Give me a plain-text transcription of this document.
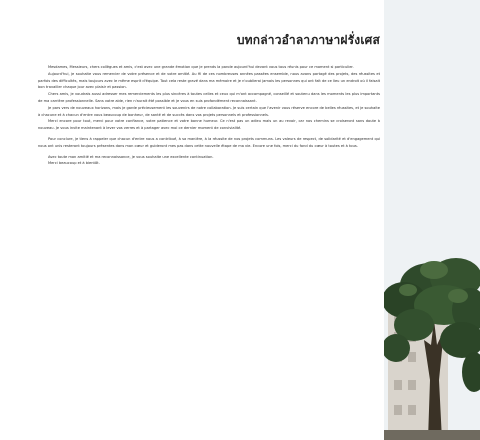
บทกล่าวอำลาภาษาฝรั่งเศส

Mesdames, Messieurs, chers collègues et amis, c'est avec une grande émotion que je prends la parole aujourd'hui devant vous tous réunis pour ce moment si particulier.

Aujourd'hui, je souhaite vous remercier de votre présence et de votre amitié. Au fil de ces nombreuses années passées ensemble, nous avons partagé des projets, des réussites et parfois des difficultés, mais toujours avec le même esprit d'équipe. Tout cela reste gravé dans ma mémoire et je n'oublierai jamais les personnes qui ont fait de ce lieu un endroit où il faisait bon travailler chaque jour avec plaisir et passion.

Chers amis, je voudrais aussi adresser mes remerciements les plus sincères à toutes celles et ceux qui m'ont accompagné, conseillé et soutenu dans les moments les plus importants de ma carrière professionnelle. Sans votre aide, rien n'aurait été possible et je vous en suis profondément reconnaissant.

Je pars vers de nouveaux horizons, mais je garde précieusement les souvenirs de notre collaboration. Je suis certain que l'avenir vous réserve encore de belles réussites, et je souhaite à chacune et à chacun d'entre vous beaucoup de bonheur, de santé et de succès dans vos projets personnels et professionnels.

Merci encore pour tout, merci pour votre confiance, votre patience et votre bonne humeur. Ce n'est pas un adieu mais un au revoir, car nos chemins se croiseront sans doute à nouveau. Je vous invite maintenant à lever vos verres et à partager avec moi ce dernier moment de convivialité.

Pour conclure, je tiens à rappeler que chacun d'entre nous a contribué, à sa manière, à la réussite de nos projets communs. Les valeurs de respect, de solidarité et d'engagement qui nous ont unis resteront toujours présentes dans mon cœur et guideront mes pas dans cette nouvelle étape de ma vie. Encore une fois, merci du fond du cœur à toutes et à tous.

Avec toute mon amitié et ma reconnaissance, je vous souhaite une excellente continuation.

Merci beaucoup et à bientôt.
